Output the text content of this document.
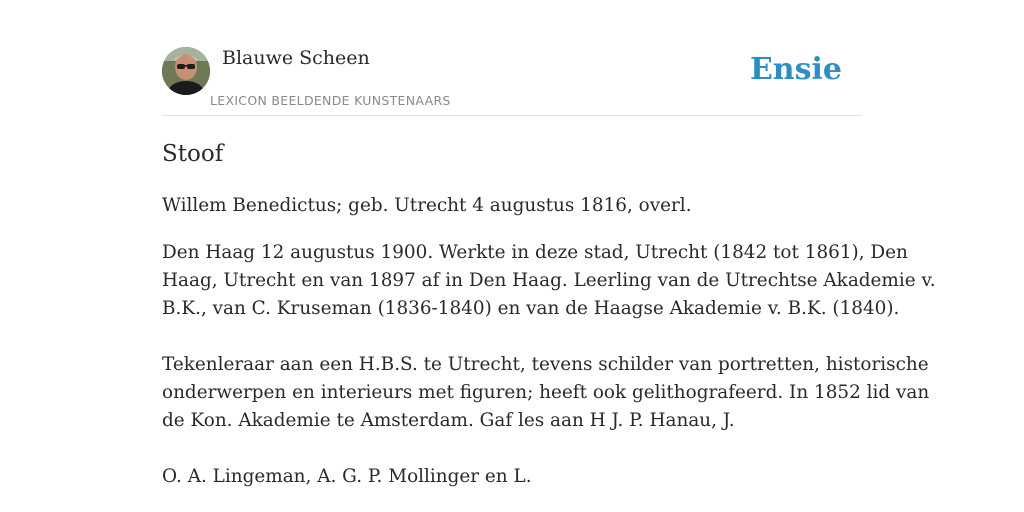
Blauwe Scheen
LEXICON BEELDENDE KUNSTENAARS
Ensie
Stoof

Willem Benedictus; geb. Utrecht 4 augustus 1816, overl.

Den Haag 12 augustus 1900. Werkte in deze stad, Utrecht (1842 tot 1861), Den
Haag, Utrecht en van 1897 af in Den Haag. Leerling van de Utrechtse Akademie v.
B.K., van C. Kruseman (1836-1840) en van de Haagse Akademie v. B.K. (1840).

Tekenleraar aan een H.B.S. te Utrecht, tevens schilder van portretten, historische
onderwerpen en interieurs met figuren; heeft ook gelithografeerd. In 1852 lid van
de Kon. Akademie te Amsterdam. Gaf les aan H J. P. Hanau, J.

O. A. Lingeman, A. G. P. Mollinger en L.
